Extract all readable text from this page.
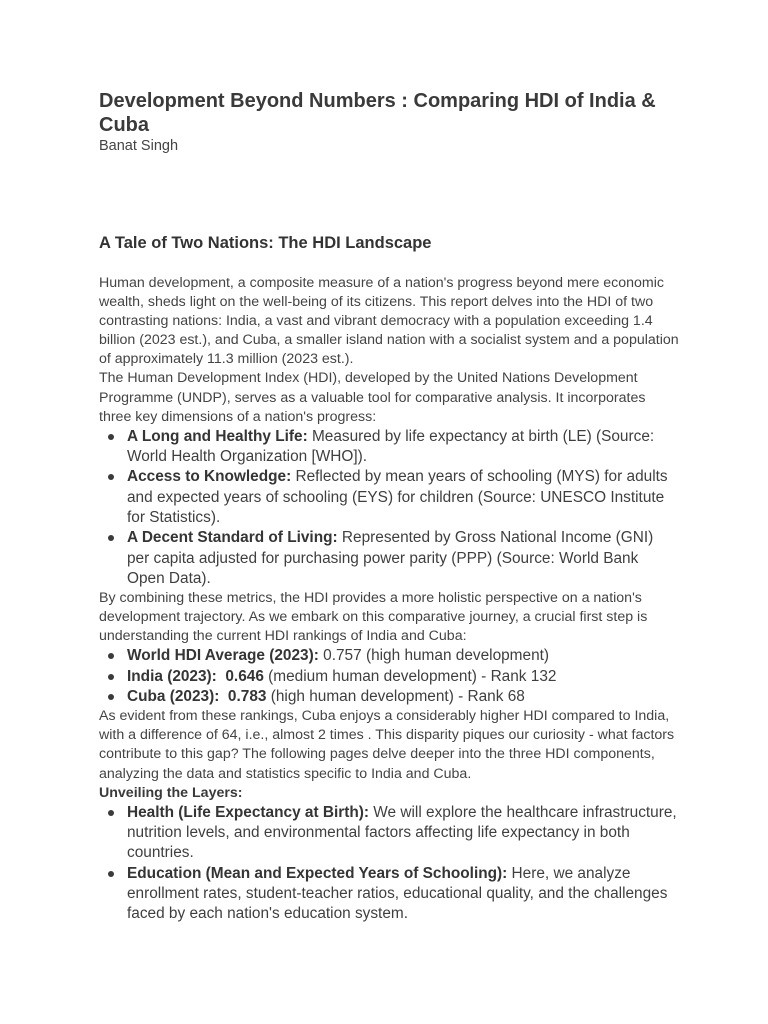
Development Beyond Numbers : Comparing HDI of India & Cuba
Banat Singh
A Tale of Two Nations: The HDI Landscape

Human development, a composite measure of a nation's progress beyond mere economic wealth, sheds light on the well-being of its citizens. This report delves into the HDI of two contrasting nations: India, a vast and vibrant democracy with a population exceeding 1.4 billion (2023 est.), and Cuba, a smaller island nation with a socialist system and a population of approximately 11.3 million (2023 est.).

The Human Development Index (HDI), developed by the United Nations Development Programme (UNDP), serves as a valuable tool for comparative analysis. It incorporates three key dimensions of a nation's progress:

A Long and Healthy Life: Measured by life expectancy at birth (LE) (Source: World Health Organization [WHO]).
Access to Knowledge: Reflected by mean years of schooling (MYS) for adults and expected years of schooling (EYS) for children (Source: UNESCO Institute for Statistics).
A Decent Standard of Living: Represented by Gross National Income (GNI) per capita adjusted for purchasing power parity (PPP) (Source: World Bank Open Data).

By combining these metrics, the HDI provides a more holistic perspective on a nation's development trajectory. As we embark on this comparative journey, a crucial first step is understanding the current HDI rankings of India and Cuba:

World HDI Average (2023): 0.757 (high human development)
India (2023):  0.646 (medium human development) - Rank 132
Cuba (2023):  0.783 (high human development) - Rank 68

As evident from these rankings, Cuba enjoys a considerably higher HDI compared to India, with a difference of 64, i.e., almost 2 times . This disparity piques our curiosity - what factors contribute to this gap? The following pages delve deeper into the three HDI components, analyzing the data and statistics specific to India and Cuba.

Unveiling the Layers:

Health (Life Expectancy at Birth): We will explore the healthcare infrastructure, nutrition levels, and environmental factors affecting life expectancy in both countries.
Education (Mean and Expected Years of Schooling): Here, we analyze enrollment rates, student-teacher ratios, educational quality, and the challenges faced by each nation's education system.
